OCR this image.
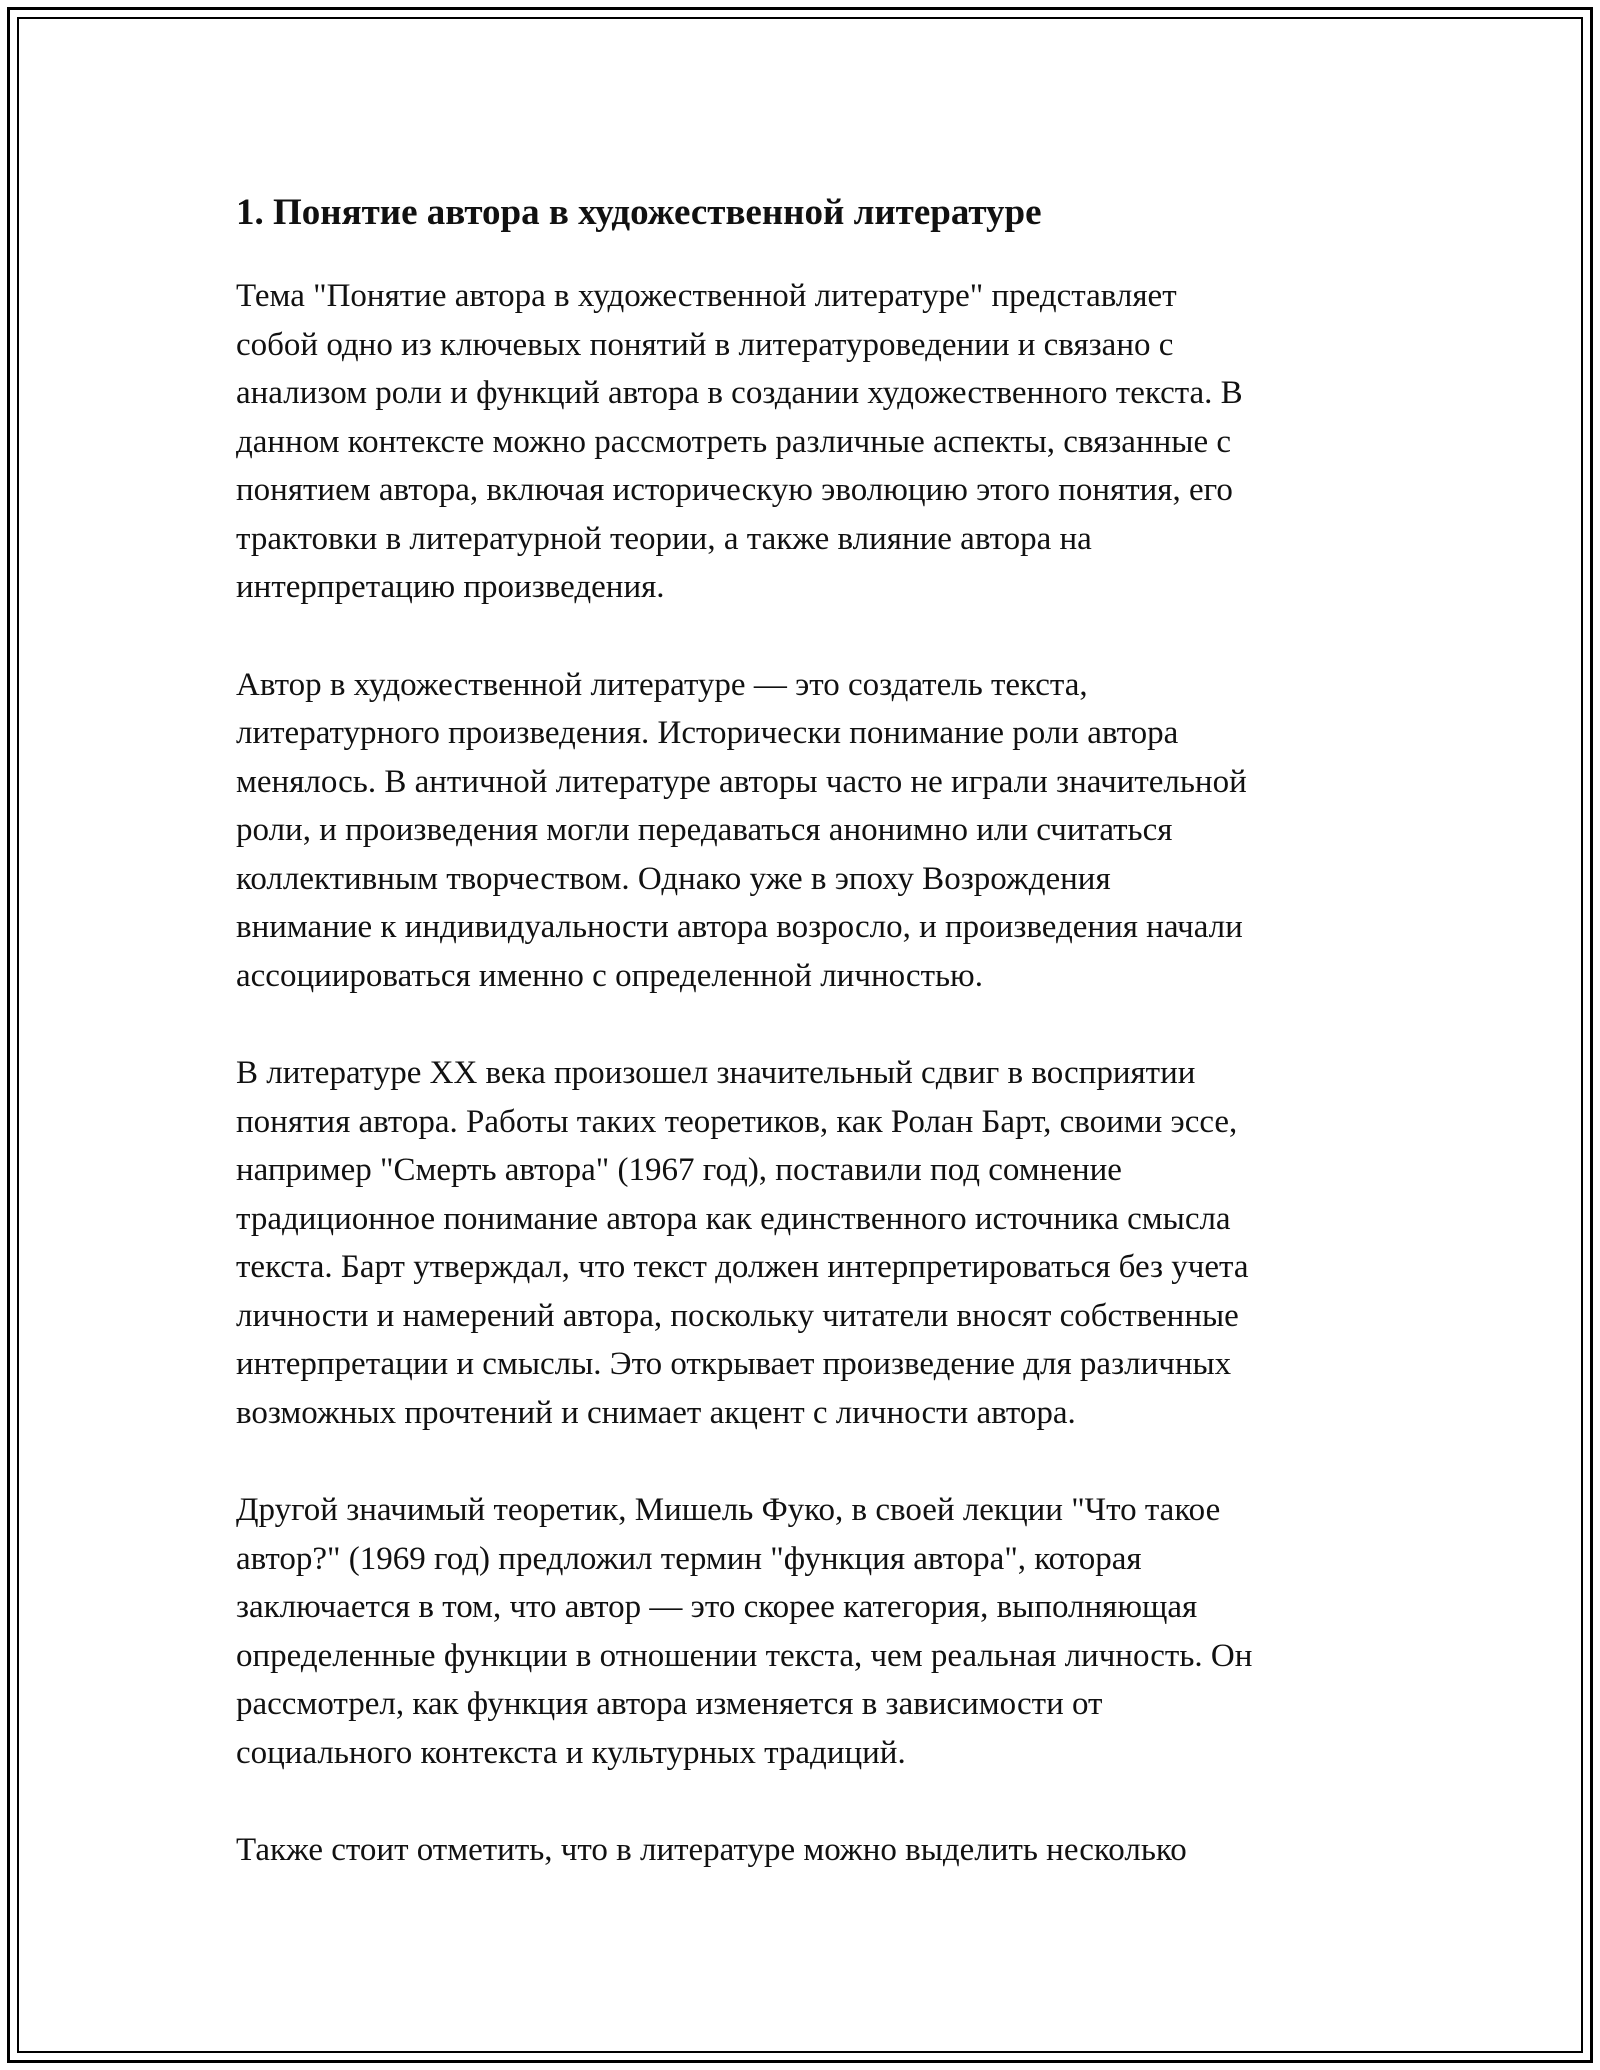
1. Понятие автора в художественной литературе
Тема "Понятие автора в художественной литературе" представляет
собой одно из ключевых понятий в литературоведении и связано с
анализом роли и функций автора в создании художественного текста. В
данном контексте можно рассмотреть различные аспекты, связанные с
понятием автора, включая историческую эволюцию этого понятия, его
трактовки в литературной теории, а также влияние автора на
интерпретацию произведения.
Автор в художественной литературе — это создатель текста,
литературного произведения. Исторически понимание роли автора
менялось. В античной литературе авторы часто не играли значительной
роли, и произведения могли передаваться анонимно или считаться
коллективным творчеством. Однако уже в эпоху Возрождения
внимание к индивидуальности автора возросло, и произведения начали
ассоциироваться именно с определенной личностью.
В литературе XX века произошел значительный сдвиг в восприятии
понятия автора. Работы таких теоретиков, как Ролан Барт, своими эссе,
например "Смерть автора" (1967 год), поставили под сомнение
традиционное понимание автора как единственного источника смысла
текста. Барт утверждал, что текст должен интерпретироваться без учета
личности и намерений автора, поскольку читатели вносят собственные
интерпретации и смыслы. Это открывает произведение для различных
возможных прочтений и снимает акцент с личности автора.
Другой значимый теоретик, Мишель Фуко, в своей лекции "Что такое
автор?" (1969 год) предложил термин "функция автора", которая
заключается в том, что автор — это скорее категория, выполняющая
определенные функции в отношении текста, чем реальная личность. Он
рассмотрел, как функция автора изменяется в зависимости от
социального контекста и культурных традиций.
Также стоит отметить, что в литературе можно выделить несколько
